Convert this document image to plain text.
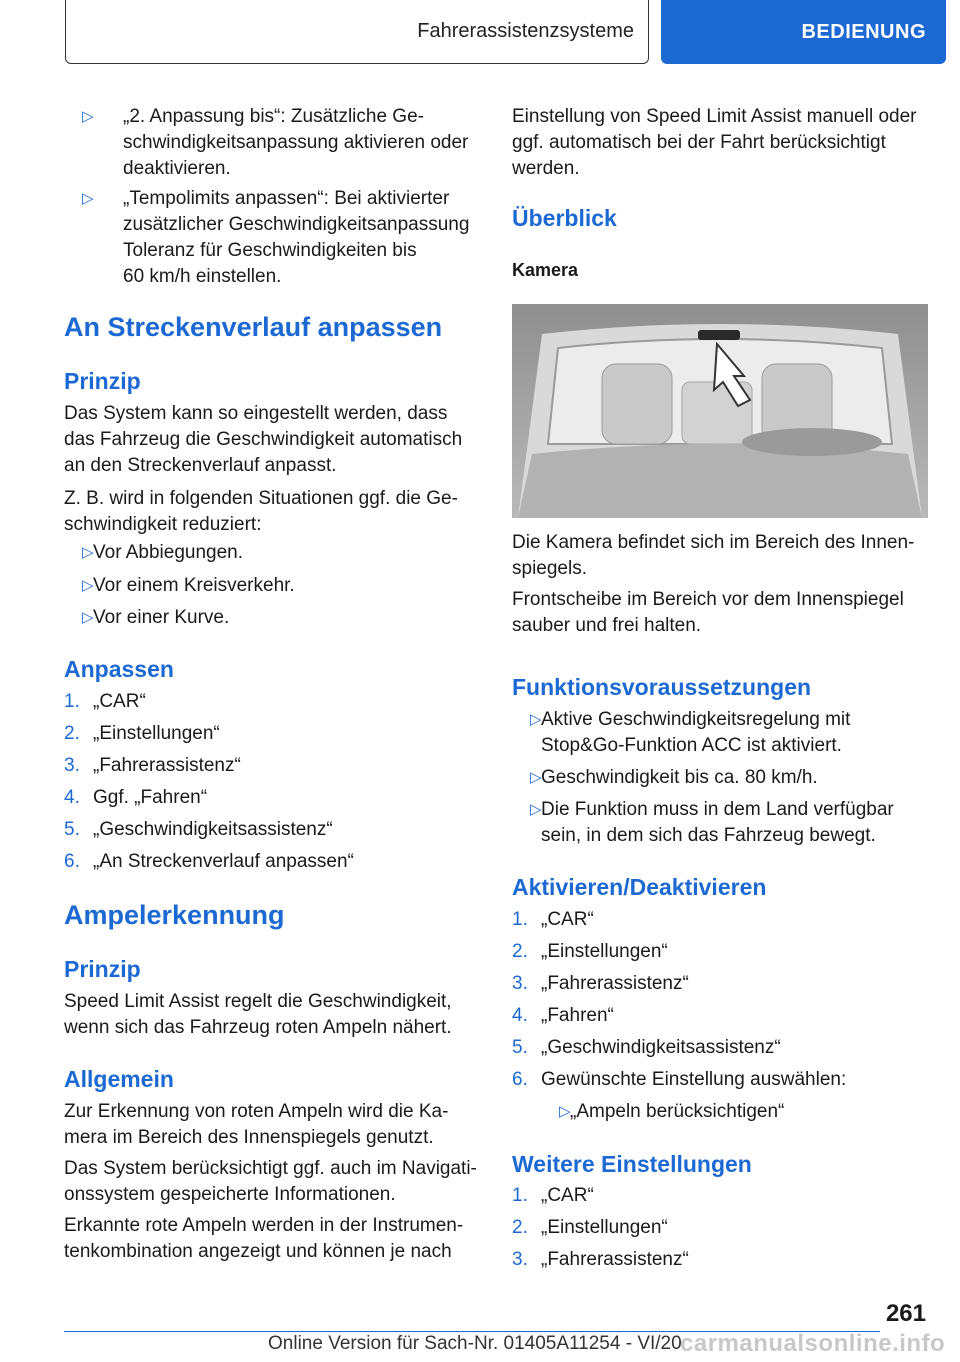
Fahrerassistenzsysteme	BEDIENUNG
▷ „2. Anpassung bis“: Zusätzliche Ge-

schwindigkeitsanpassung aktivieren oder

deaktivieren.

▷ „Tempolimits anpassen“: Bei aktivierter

zusätzlicher Geschwindigkeitsanpassung

Toleranz für Geschwindigkeiten bis

60 km/h einstellen.

An Streckenverlauf anpassen
Prinzip

Das System kann so eingestellt werden, dass

das Fahrzeug die Geschwindigkeit automatisch

an den Streckenverlauf anpasst.

Z. B. wird in folgenden Situationen ggf. die Ge-

schwindigkeit reduziert:

▷ Vor Abbiegungen.
▷ Vor einem Kreisverkehr.
▷ Vor einer Kurve.
Anpassen
1. „CAR“
2. „Einstellungen“
3. „Fahrerassistenz“
4. Ggf. „Fahren“
5. „Geschwindigkeitsassistenz“
6. „An Streckenverlauf anpassen“
Ampelerkennung
Prinzip

Speed Limit Assist regelt die Geschwindigkeit,

wenn sich das Fahrzeug roten Ampeln nähert.

Allgemein

Zur Erkennung von roten Ampeln wird die Ka-

mera im Bereich des Innenspiegels genutzt.

Das System berücksichtigt ggf. auch im Navigati-

onssystem gespeicherte Informationen.

Erkannte rote Ampeln werden in der Instrumen-

tenkombination angezeigt und können je nach

Einstellung von Speed Limit Assist manuell oder

ggf. automatisch bei der Fahrt berücksichtigt

werden.

Überblick
Kamera

Die Kamera befindet sich im Bereich des Innen-

spiegels.

Frontscheibe im Bereich vor dem Innenspiegel

sauber und frei halten.

Funktionsvoraussetzungen
▷ Aktive Geschwindigkeitsregelung mit

Stop&Go-Funktion ACC ist aktiviert.

▷ Geschwindigkeit bis ca. 80 km/h.

▷ Die Funktion muss in dem Land verfügbar

sein, in dem sich das Fahrzeug bewegt.

Aktivieren/Deaktivieren
1. „CAR“
2. „Einstellungen“
3. „Fahrerassistenz“
4. „Fahren“
5. „Geschwindigkeitsassistenz“
6. Gewünschte Einstellung auswählen:
▷ „Ampeln berücksichtigen“
Weitere Einstellungen
1. „CAR“
2. „Einstellungen“
3. „Fahrerassistenz“
261
Online Version für Sach-Nr. 01405A11254 - VI/20
carmanualsonline.info
